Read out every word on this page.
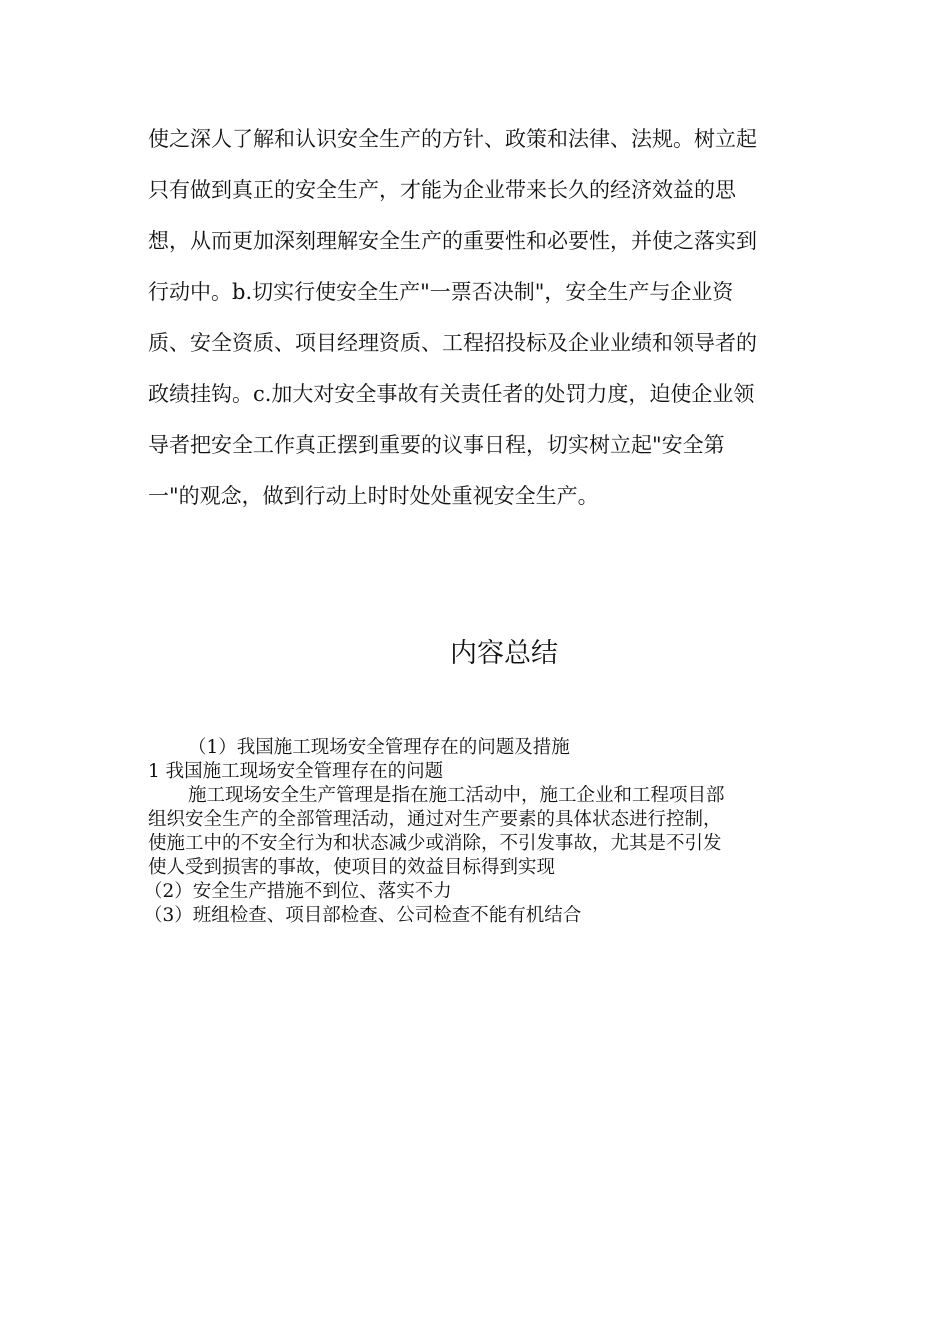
使之深人了解和认识安全生产的方针、政策和法律、法规。树立起
只有做到真正的安全生产，才能为企业带来长久的经济效益的思
想，从而更加深刻理解安全生产的重要性和必要性，并使之落实到
行动中。b.切实行使安全生产"一票否决制"，安全生产与企业资
质、安全资质、项目经理资质、工程招投标及企业业绩和领导者的
政绩挂钩。c.加大对安全事故有关责任者的处罚力度，迫使企业领
导者把安全工作真正摆到重要的议事日程，切实树立起"安全第
一"的观念，做到行动上时时处处重视安全生产。

内容总结
（1）我国施工现场安全管理存在的问题及措施
1 我国施工现场安全管理存在的问题
施工现场安全生产管理是指在施工活动中，施工企业和工程项目部
组织安全生产的全部管理活动，通过对生产要素的具体状态进行控制，
使施工中的不安全行为和状态减少或消除，不引发事故，尤其是不引发
使人受到损害的事故，使项目的效益目标得到实现
（2）安全生产措施不到位、落实不力
（3）班组检查、项目部检查、公司检查不能有机结合
